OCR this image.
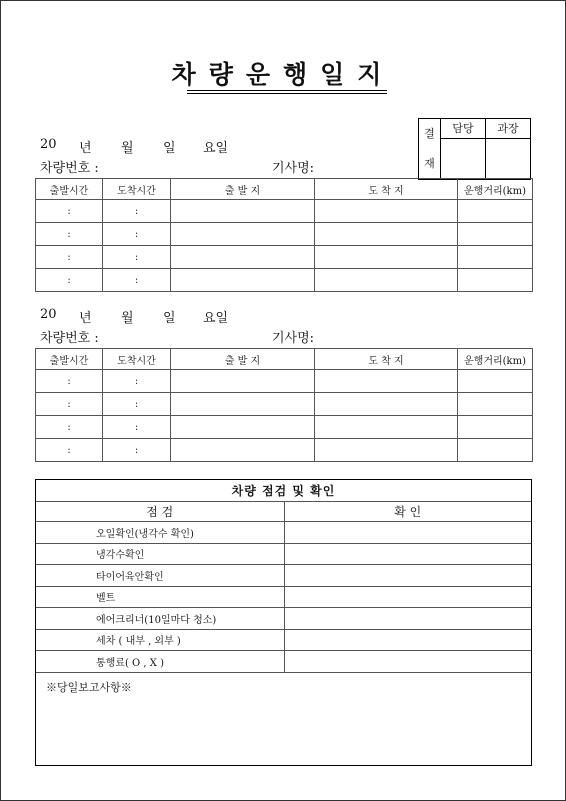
차량운행일지
결
재	담당	과장

20 년 월 일 요일
차량번호 :	기사명:
출발시간	도착시간	출 발 지	도 착 지	운행거리(km)
:	:			
:	:			
:	:			
:	:			
20 년 월 일 요일
차량번호 :	기사명:
출발시간	도착시간	출 발 지	도 착 지	운행거리(km)
:	:			
:	:			
:	:			
:	:			
차량 점검 및 확인	
점 검	확 인
오일확인(냉각수 확인)	
냉각수확인	
타이어육안확인	
벨트	
에어크리너(10일마다 청소)	
세차 ( 내부 , 외부 )	
통행료( O , X )	
※당일보고사항※
